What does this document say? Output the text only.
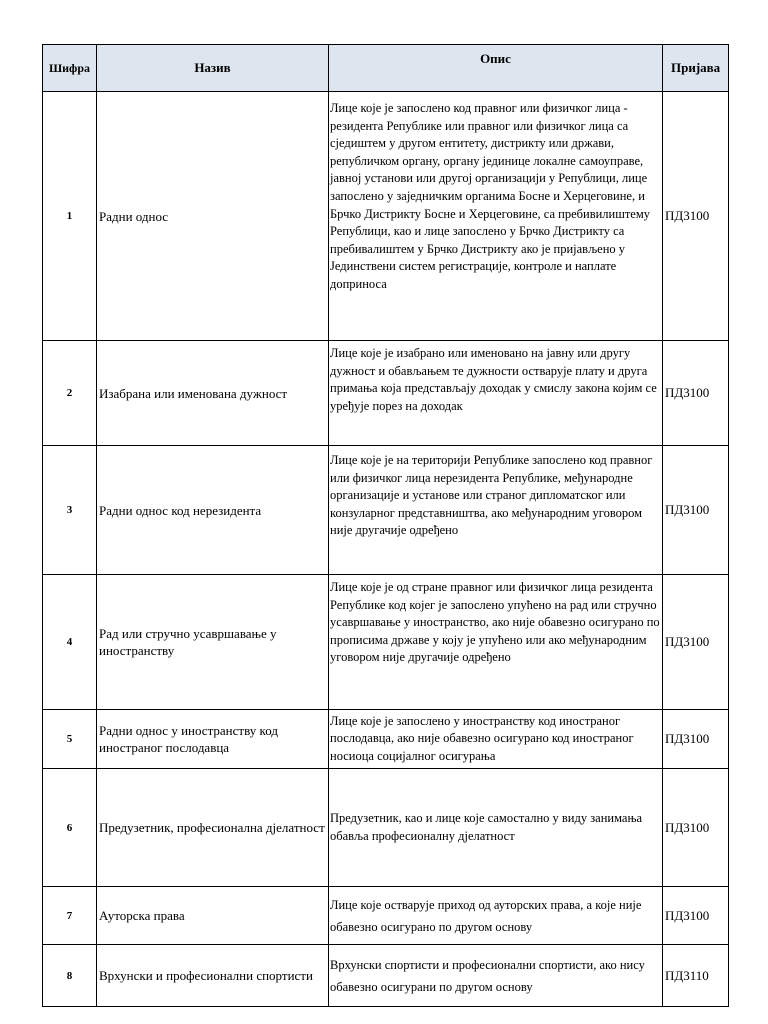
Шифра	Назив	Опис	Пријава
1	Радни однос	Лице које је запослено код правног или физичког лица - резидента Републике или правног или физичког лица са сједиштем у другом ентитету, дистрикту или држави, републичком органу, органу јединице локалне самоуправе, јавној установи или другој организацији у Републици, лице запослено у заједничким органима Босне и Херцеговине, и Брчко Дистрикту Босне и Херцеговине, са пребивилиштему Републици, као и лице запослено у Брчко Дистрикту са пребивалиштем у Брчко Дистрикту ако је пријављено у Јединствени систем регистрације, контроле и наплате доприноса	ПД3100
2	Изабрана или именована дужност	Лице које је изабрано или именовано на јавну или другу дужност и обављањем те дужности остварује плату и друга примања која представљају доходак у смислу закона којим се уређује порез на доходак	ПД3100
3	Радни однос код нерезидента	Лице које је на територији Републике запослено код правног или физичког лица нерезидента Републике, међународне организације и установе или страног дипломатског или конзуларног представништва, ако међународним уговором није другачије одређено	ПД3100
4	Рад или стручно усавршавање у иностранству	Лице које је од стране правног или физичког лица резидента Републике код којег је запослено упућено на рад или стручно усавршавање у иностранство, ако није обавезно осигурано по прописима државе у коју је упућено или ако међународним уговором није другачије одређено	ПД3100
5	Радни однос у иностранству код иностраног послодавца	Лице које је запослено у иностранству код иностраног послодавца, ако није обавезно осигурано код иностраног носиоца социјалног осигурања	ПД3100
6	Предузетник, професионална дјелатност	Предузетник, као и лице које самостално у виду занимања обавља професионалну дјелатност	ПД3100
7	Ауторска права	Лице које остварује приход од ауторских права, а које није обавезно осигурано по другом основу	ПД3100
8	Врхунски и професионални спортисти	Врхунски спортисти и професионални спортисти, ако нису обавезно осигурани по другом основу	ПД3110
